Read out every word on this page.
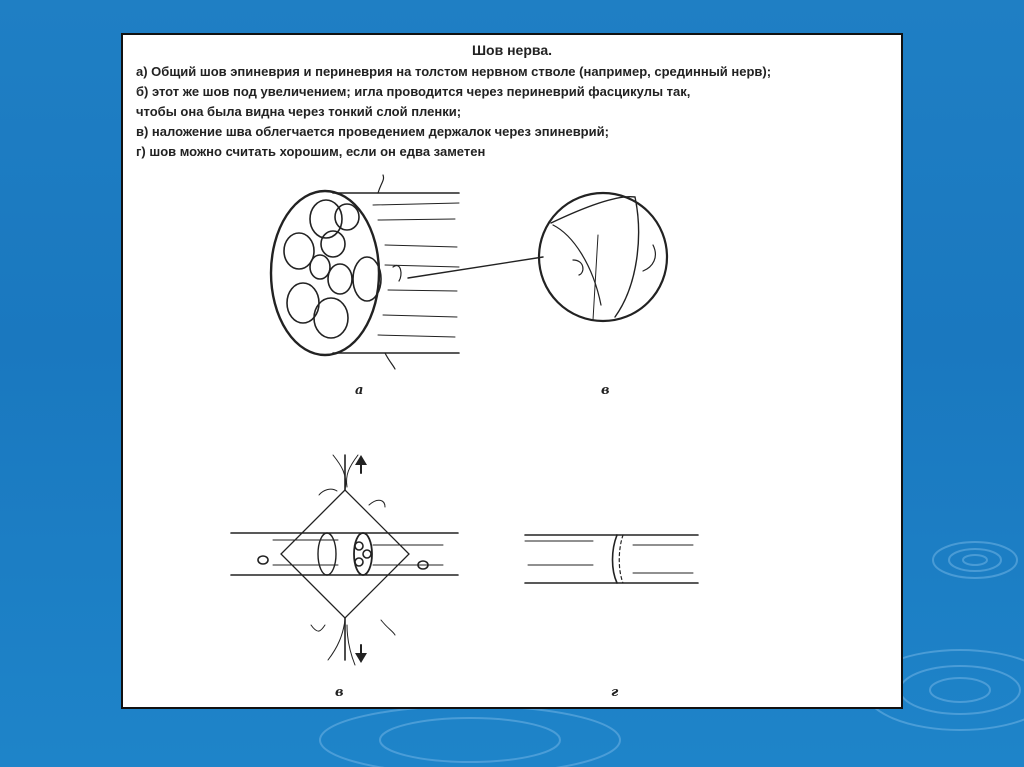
Шов нерва.
а) Общий шов эпиневрия и периневрия на толстом нервном стволе (например, срединный нерв);
б) этот же шов под увеличением; игла проводится через периневрий фасцикулы так,
чтобы она была видна через тонкий слой пленки;
в) наложение шва облегчается проведением держалок через эпиневрий;
г) шов можно считать хорошим, если он едва заметен
а	в
в	г
